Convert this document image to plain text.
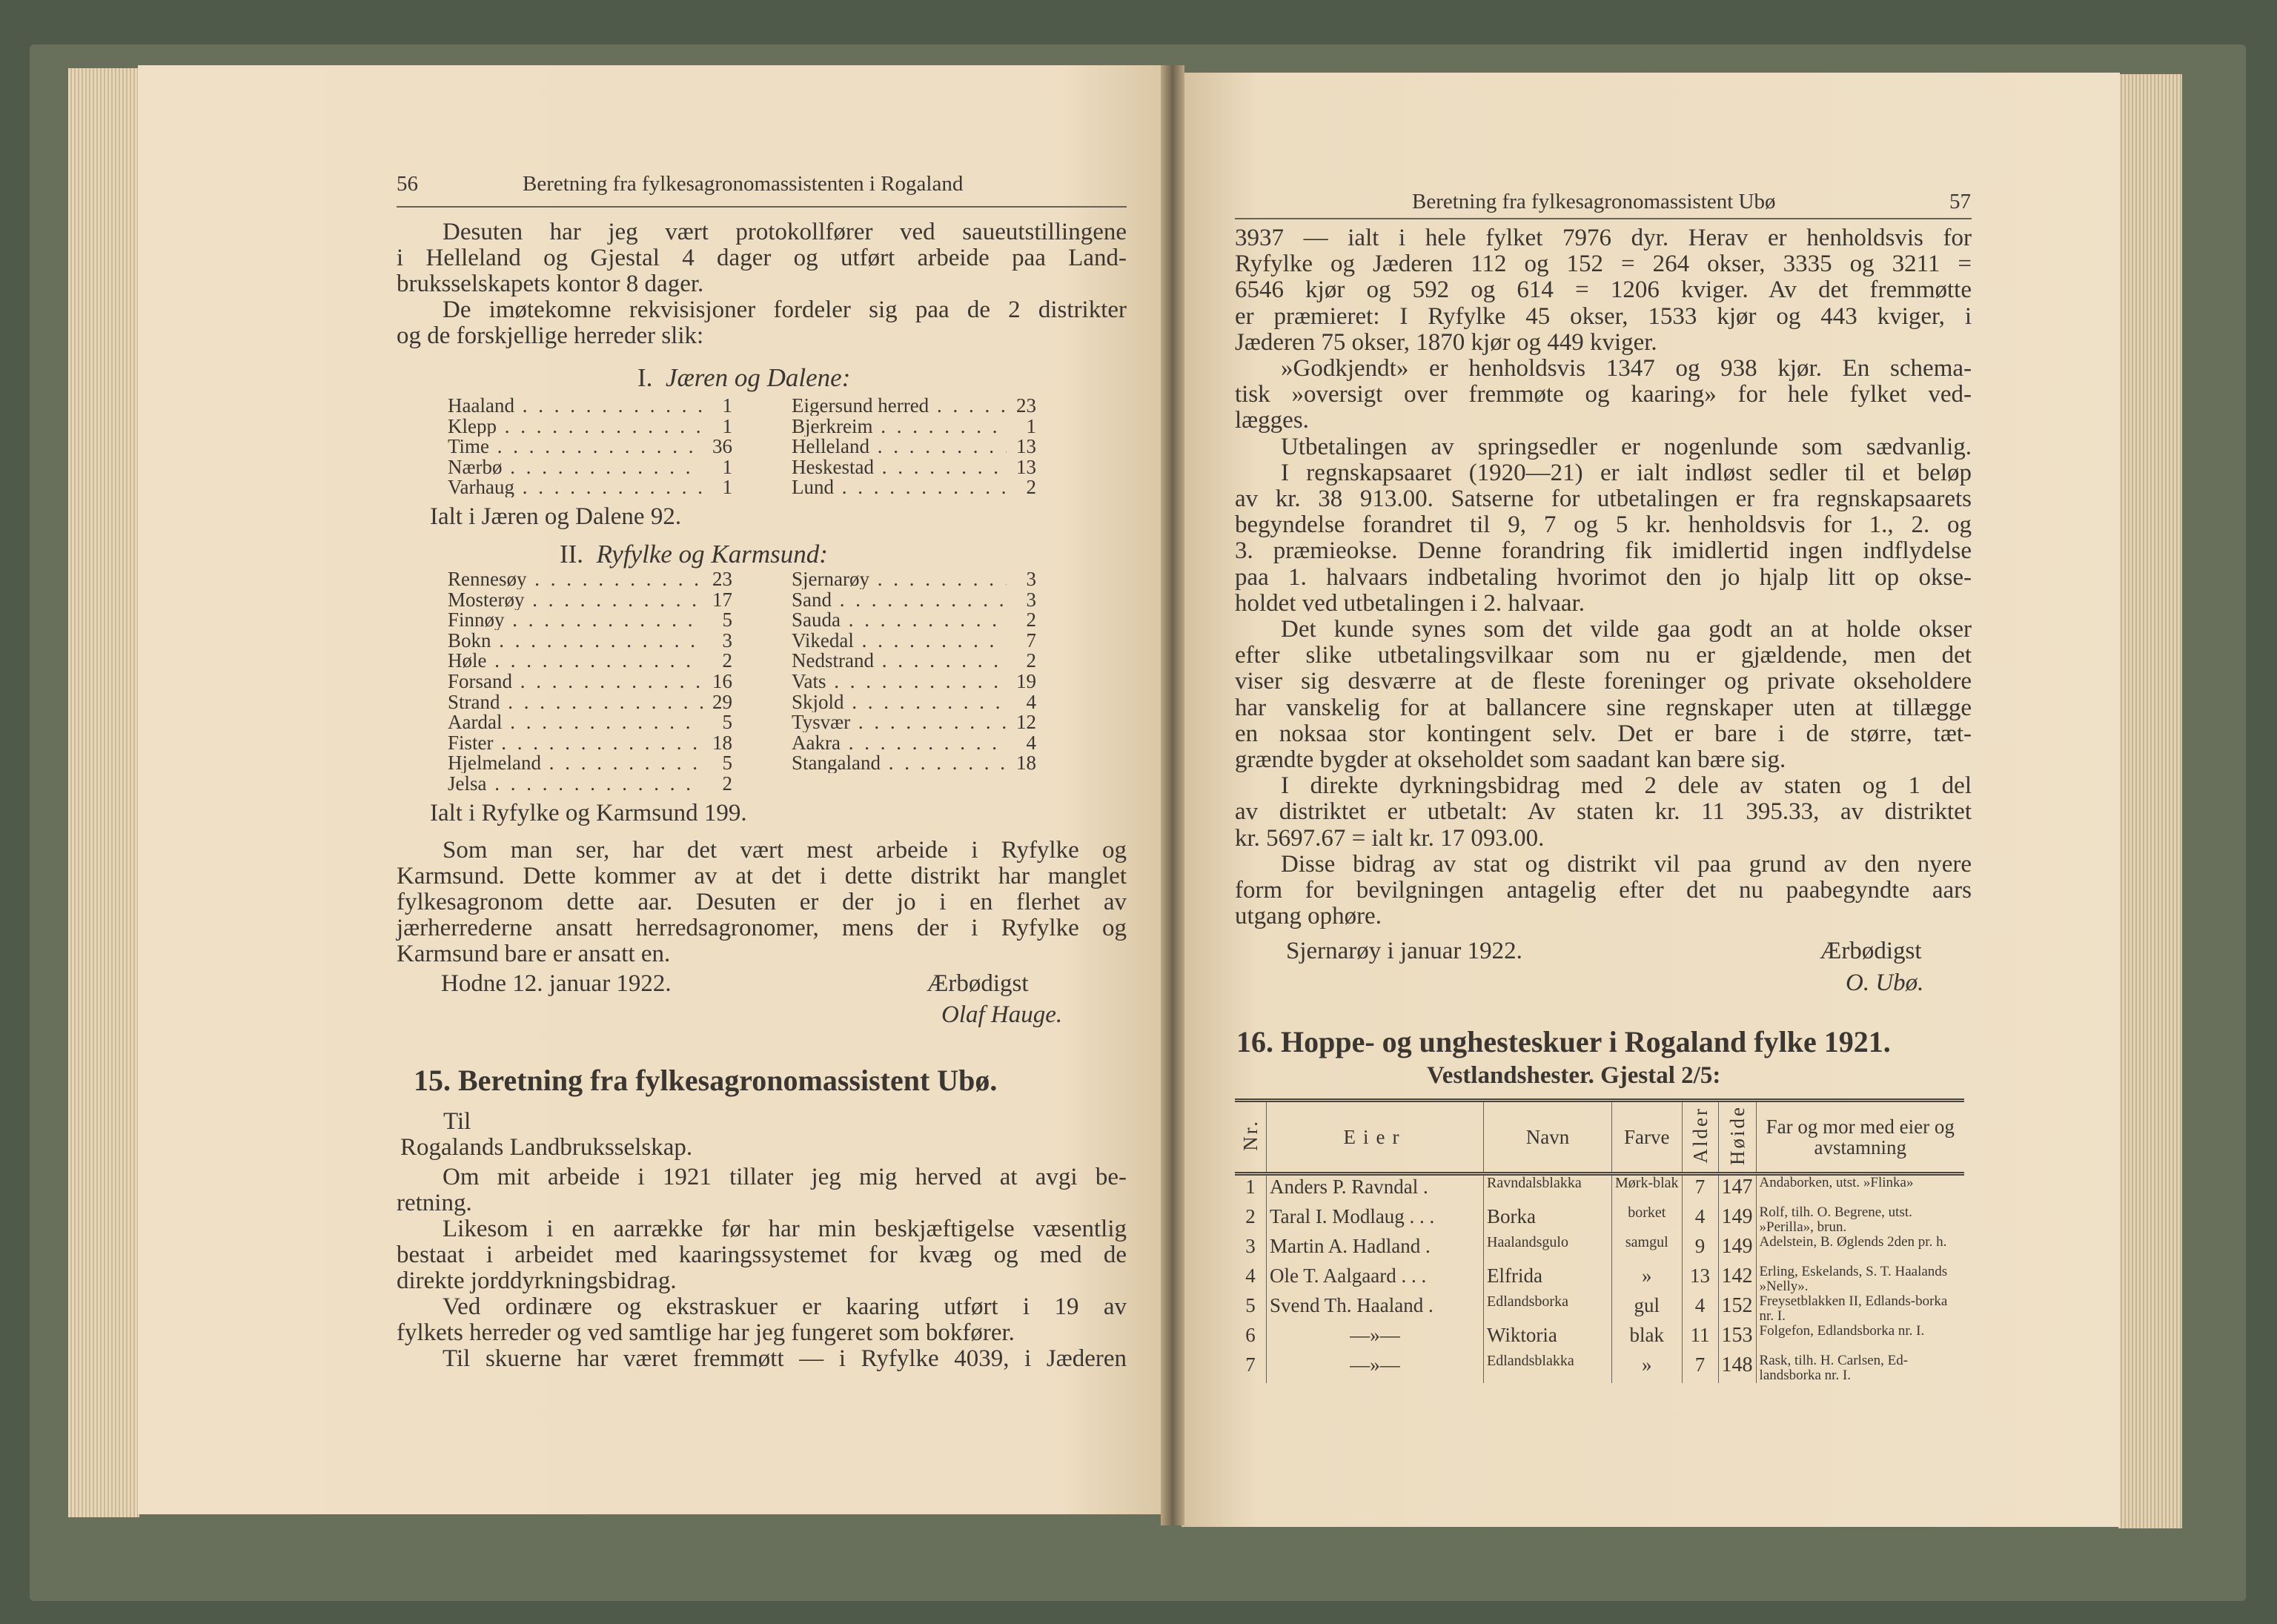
56	Beretning fra fylkesagronomassistenten i Rogaland
Desuten har jeg vært protokollfører ved saueutstillingene
i Helleland og Gjestal 4 dager og utført arbeide paa Land-
bruksselskapets kontor 8 dager.
De imøtekomne rekvisisjoner fordeler sig paa de 2 distrikter
og de forskjellige herreder slik:
I. Jæren og Dalene:
Haaland . . .	1
Klepp . . .	1
Time . . .	36
Nærbø . . .	1
Varhaug . . .	1
Eigersund herred . . .	23
Bjerkreim . . .	1
Helleland . . .	13
Heskestad . . .	13
Lund . . .	2
Ialt i Jæren og Dalene 92.
II. Ryfylke og Karmsund:
Rennesøy . . .	23
Mosterøy . . .	17
Finnøy . . .	5
Bokn . . .	3
Høle . . .	2
Forsand . . .	16
Strand . . .	29
Aardal . . .	5
Fister . . .	18
Hjelmeland . . .	5
Jelsa . . .	2
Sjernarøy . . .	3
Sand . . .	3
Sauda . . .	2
Vikedal . . .	7
Nedstrand . . .	2
Vats . . .	19
Skjold . . .	4
Tysvær . . .	12
Aakra . . .	4
Stangaland . . .	18
Ialt i Ryfylke og Karmsund 199.
Som man ser, har det vært mest arbeide i Ryfylke og
Karmsund. Dette kommer av at det i dette distrikt har manglet
fylkesagronom dette aar. Desuten er der jo i en flerhet av
jærherrederne ansatt herredsagronomer, mens der i Ryfylke og
Karmsund bare er ansatt en.
Hodne 12. januar 1922.	Ærbødigst
Olaf Hauge.
15. Beretning fra fylkesagronomassistent Ubø.
Til
Rogalands Landbruksselskap.
Om mit arbeide i 1921 tillater jeg mig herved at avgi be-
retning.
Likesom i en aarrække før har min beskjæftigelse væsentlig
bestaat i arbeidet med kaaringssystemet for kvæg og med de
direkte jorddyrkningsbidrag.
Ved ordinære og ekstraskuer er kaaring utført i 19 av
fylkets herreder og ved samtlige har jeg fungeret som bokfører.
Til skuerne har været fremmøtt — i Ryfylke 4039, i Jæderen
Beretning fra fylkesagronomassistent Ubø	57
3937 — ialt i hele fylket 7976 dyr. Herav er henholdsvis for
Ryfylke og Jæderen 112 og 152 = 264 okser, 3335 og 3211 =
6546 kjør og 592 og 614 = 1206 kviger. Av det fremmøtte
er præmieret: I Ryfylke 45 okser, 1533 kjør og 443 kviger, i
Jæderen 75 okser, 1870 kjør og 449 kviger.
»Godkjendt» er henholdsvis 1347 og 938 kjør. En schema-
tisk »oversigt over fremmøte og kaaring» for hele fylket ved-
lægges.
Utbetalingen av springsedler er nogenlunde som sædvanlig.
I regnskapsaaret (1920—21) er ialt indløst sedler til et beløp
av kr. 38 913.00. Satserne for utbetalingen er fra regnskapsaarets
begyndelse forandret til 9, 7 og 5 kr. henholdsvis for 1., 2. og
3. præmieokse. Denne forandring fik imidlertid ingen indflydelse
paa 1. halvaars indbetaling hvorimot den jo hjalp litt op okse-
holdet ved utbetalingen i 2. halvaar.
Det kunde synes som det vilde gaa godt an at holde okser
efter slike utbetalingsvilkaar som nu er gjældende, men det
viser sig desværre at de fleste foreninger og private okseholdere
har vanskelig for at ballancere sine regnskaper uten at tillægge
en noksaa stor kontingent selv. Det er bare i de større, tæt-
grændte bygder at okseholdet som saadant kan bære sig.
I direkte dyrkningsbidrag med 2 dele av staten og 1 del
av distriktet er utbetalt: Av staten kr. 11 395.33, av distriktet
kr. 5697.67 = ialt kr. 17 093.00.
Disse bidrag av stat og distrikt vil paa grund av den nyere
form for bevilgningen antagelig efter det nu paabegyndte aars
utgang ophøre.
Sjernarøy i januar 1922.	Ærbødigst
O. Ubø.
16. Hoppe- og unghesteskuer i Rogaland fylke 1921.
Vestlandshester. Gjestal 2/5:
Nr.	Eier	Navn	Farve	Alder	Høide	Far og mor med eier og avstamning
1	Anders P. Ravndal .	Ravndalsblakka	Mørk-blak	7	147	Andaborken, utst. »Flinka»
2	Taral I. Modlaug . . .	Borka	borket	4	149	Rolf, tilh. O. Begrene, utst. »Perilla», brun.
3	Martin A. Hadland .	Haalandsgulo	samgul	9	149	Adelstein, B. Øglends 2den pr. h.
4	Ole T. Aalgaard . . .	Elfrida	»	13	142	Erling, Eskelands, S. T. Haalands »Nelly».
5	Svend Th. Haaland .	Edlandsborka	gul	4	152	Freysetblakken II, Edlands-borka nr. I.
6	—»—	Wiktoria	blak	11	153	Folgefon, Edlandsborka nr. I.
7	—»—	Edlandsblakka	»	7	148	Rask, tilh. H. Carlsen, Ed-landsborka nr. I.
